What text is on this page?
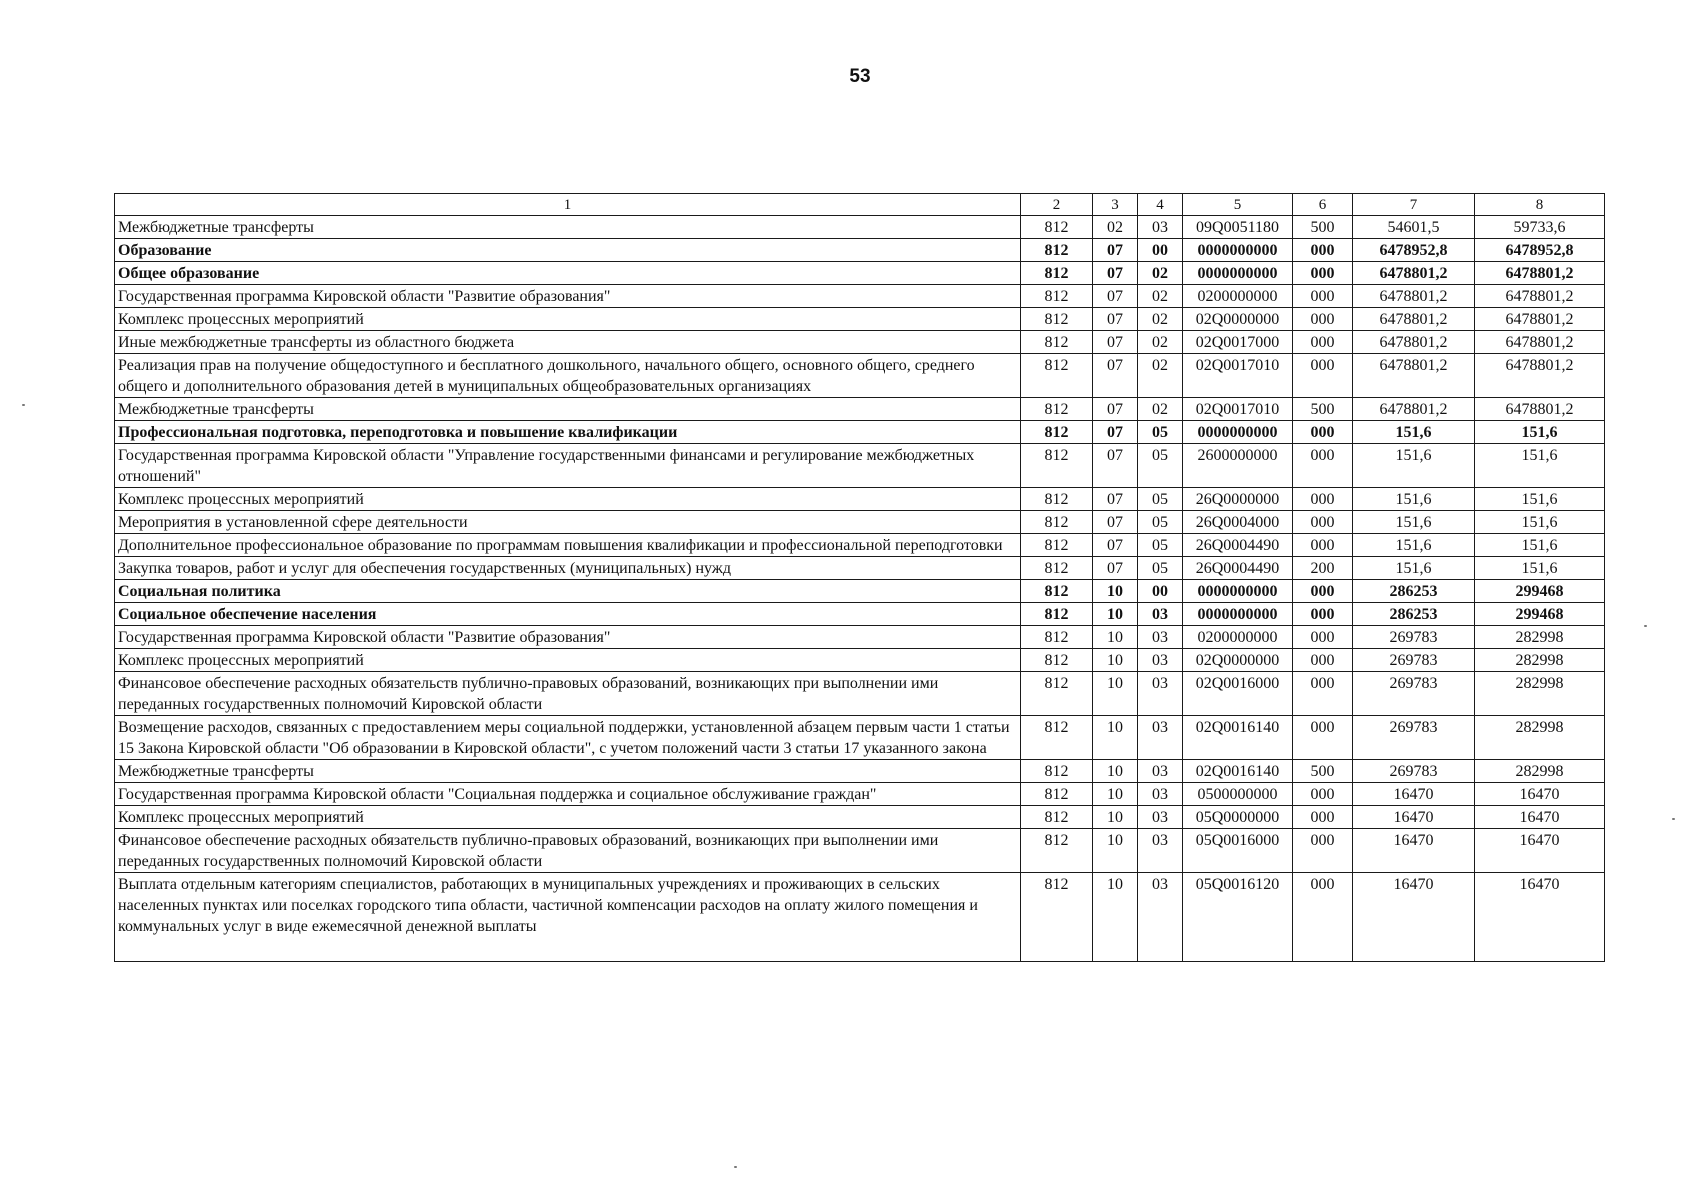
53
1	2	3	4	5	6	7	8
Межбюджетные трансферты	812	02	03	09Q0051180	500	54601,5	59733,6
Образование	812	07	00	0000000000	000	6478952,8	6478952,8
Общее образование	812	07	02	0000000000	000	6478801,2	6478801,2
Государственная программа Кировской области "Развитие образования"	812	07	02	0200000000	000	6478801,2	6478801,2
Комплекс процессных мероприятий	812	07	02	02Q0000000	000	6478801,2	6478801,2
Иные межбюджетные трансферты из областного бюджета	812	07	02	02Q0017000	000	6478801,2	6478801,2
Реализация прав на получение общедоступного и бесплатного дошкольного, начального общего, основного общего, среднего общего и дополнительного образования детей в муниципальных общеобразовательных организациях	812	07	02	02Q0017010	000	6478801,2	6478801,2
Межбюджетные трансферты	812	07	02	02Q0017010	500	6478801,2	6478801,2
Профессиональная подготовка, переподготовка и повышение квалификации	812	07	05	0000000000	000	151,6	151,6
Государственная программа Кировской области "Управление государственными финансами и регулирование межбюджетных отношений"	812	07	05	2600000000	000	151,6	151,6
Комплекс процессных мероприятий	812	07	05	26Q0000000	000	151,6	151,6
Мероприятия в установленной сфере деятельности	812	07	05	26Q0004000	000	151,6	151,6
Дополнительное профессиональное образование по программам повышения квалификации и профессиональной переподготовки	812	07	05	26Q0004490	000	151,6	151,6
Закупка товаров, работ и услуг для обеспечения государственных (муниципальных) нужд	812	07	05	26Q0004490	200	151,6	151,6
Социальная политика	812	10	00	0000000000	000	286253	299468
Социальное обеспечение населения	812	10	03	0000000000	000	286253	299468
Государственная программа Кировской области "Развитие образования"	812	10	03	0200000000	000	269783	282998
Комплекс процессных мероприятий	812	10	03	02Q0000000	000	269783	282998
Финансовое обеспечение расходных обязательств публично-правовых образований, возникающих при выполнении ими переданных государственных полномочий Кировской области	812	10	03	02Q0016000	000	269783	282998
Возмещение расходов, связанных с предоставлением меры социальной поддержки, установленной абзацем первым части 1 статьи 15 Закона Кировской области "Об образовании в Кировской области", с учетом положений части 3 статьи 17 указанного закона	812	10	03	02Q0016140	000	269783	282998
Межбюджетные трансферты	812	10	03	02Q0016140	500	269783	282998
Государственная программа Кировской области "Социальная поддержка и социальное обслуживание граждан"	812	10	03	0500000000	000	16470	16470
Комплекс процессных мероприятий	812	10	03	05Q0000000	000	16470	16470
Финансовое обеспечение расходных обязательств публично-правовых образований, возникающих при выполнении ими переданных государственных полномочий Кировской области	812	10	03	05Q0016000	000	16470	16470
Выплата отдельным категориям специалистов, работающих в муниципальных учреждениях и проживающих в сельских населенных пунктах или поселках городского типа области, частичной компенсации расходов на оплату жилого помещения и коммунальных услуг в виде ежемесячной денежной выплаты	812	10	03	05Q0016120	000	16470	16470
